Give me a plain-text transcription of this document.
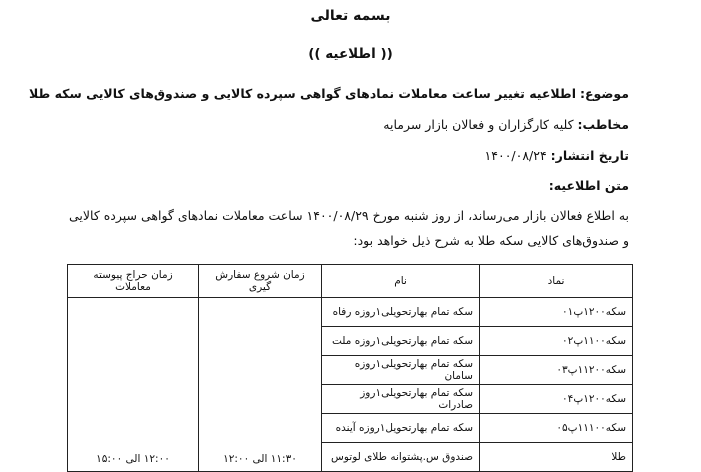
بسمه تعالی
(( اطلاعیه ))
موضوع: اطلاعیه تغییر ساعت معاملات نمادهای گواهی سپرده کالایی و صندوق‌های کالایی سکه طلا
مخاطب: کلیه کارگزاران و فعالان بازار سرمایه
تاریخ انتشار: ۱۴۰۰/۰۸/۲۴
متن اطلاعیه:
به اطلاع فعالان بازار می‌رساند، از روز شنبه مورخ ۱۴۰۰/۰۸/۲۹ ساعت معاملات نمادهای گواهی سپرده کالایی و صندوق‌های کالایی سکه طلا به شرح ذیل خواهد بود:
نماد	نام	زمان شروع سفارش گیری	زمان حراج پیوسته معاملات
سکه۱۲۰۰پ۰۱	سکه تمام بهارتحویلی۱روزه رفاه	۱۱:۳۰ الی ۱۲:۰۰	۱۲:۰۰ الی ۱۵:۰۰
سکه۱۱۰۰پ۰۲	سکه تمام بهارتحویلی۱روزه ملت		
سکه۱۱۲۰۰پ۰۳	سکه تمام بهارتحویلی۱روزه سامان		
سکه۱۲۰۰پ۰۴	سکه تمام بهارتحویلی۱روز صادرات		
سکه۱۱۱۰۰پ۰۵	سکه تمام بهارتحویل۱روزه آینده		
طلا	صندوق س.پشتوانه طلای لوتوس		
